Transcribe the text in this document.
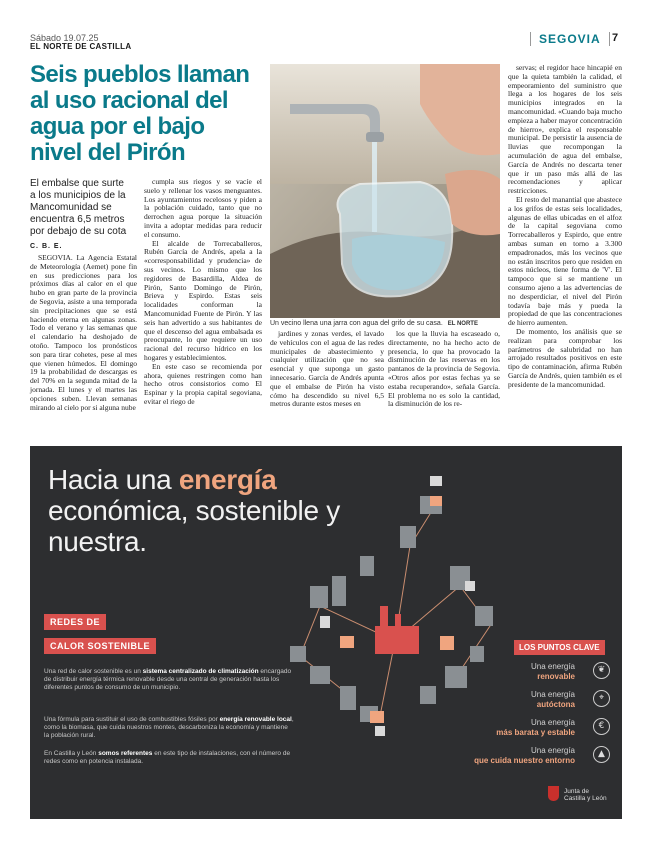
Sábado 19.07.25
EL NORTE DE CASTILLA
SEGOVIA	7
Seis pueblos llaman al uso racional del agua por el bajo nivel del Pirón
El embalse que surte a los municipios de la Mancomunidad se encuentra 6,5 metros por debajo de su cota
C. B. E.

SEGOVIA. La Agencia Estatal de Meteorología (Aemet) pone fin en sus predicciones para los próximos días al calor en el que hubo en gran parte de la provincia de Segovia, asiste a una temporada sin precipitaciones que se está haciendo eterna en algunas zonas. Todo el verano y las semanas que el calendario ha deshojado de otoño. Tampoco los pronósticos son para tirar cohetes, pese al mes que vienen húmedos. El domingo 19 la probabilidad de descargas es del 70% en la segunda mitad de la jornada. El lunes y el martes las opciones suben. Llevan semanas mirando al cielo por si alguna nube

cumpla sus riegos y se vacíe el suelo y rellenar los vasos menguantes. Los ayuntamientos recelosos y piden a la población cuidado, tanto que no derrochen agua porque la situación invita a adoptar medidas para reducir el consumo.

El alcalde de Torrecaballeros, Rubén García de Andrés, apela a la «corresponsabilidad y prudencia» de sus vecinos. Lo mismo que los regidores de Basardilla, Aldea de Pirón, Santo Domingo de Pirón, Brieva y Espirdo. Estas seis localidades conforman la Mancomunidad Fuente de Pirón. Y las seis han advertido a sus habitantes de que el descenso del agua embalsada es preocupante, lo que requiere un uso racional del recurso hídrico en los hogares y establecimientos.

En este caso se recomienda por ahora, quienes restringen como han hecho otros consistorios como El Espinar y la propia capital segoviana, evitar el riego de

Un vecino llena una jarra con agua del grifo de su casa. EL NORTE

jardines y zonas verdes, el lavado de vehículos con el agua de las redes municipales de abastecimiento y cualquier utilización que no sea esencial y que suponga un gasto innecesario. García de Andrés apunta que el embalse de Pirón ha visto cómo ha descendido su nivel 6,5 metros durante estos meses en

los que la lluvia ha escaseado o, directamente, no ha hecho acto de presencia, lo que ha provocado la disminución de las reservas en los pantanos de la provincia de Segovia. «Otros años por estas fechas ya se estaba recuperando», señala García. El problema no es solo la cantidad, la disminución de los re-

servas; el regidor hace hincapié en que la quieta también la calidad, el empeoramiento del suministro que llega a los hogares de los seis municipios integrados en la mancomunidad. «Cuando baja mucho empieza a haber mayor concentración de hierro», explica el responsable municipal. De persistir la ausencia de lluvias que recompongan la acumulación de agua del embalse, García de Andrés no descarta tener que ir un paso más allá de las recomendaciones y aplicar restricciones.

El resto del manantial que abastece a los grifos de estas seis localidades, algunas de ellas ubicadas en el alfoz de la capital segoviana como Torrecaballeros y Espirdo, que entre ambas suman en torno a 3.300 empadronados, más los vecinos que no están inscritos pero que residen en estos núcleos, tiene forma de 'V'. El tampoco que si se mantiene un consumo ajeno a las advertencias de no desperdiciar, el nivel del Pirón todavía baje más y pueda la propiedad de que las concentraciones de hierro aumenten.

De momento, los análisis que se realizan para comprobar los parámetros de salubridad no han arrojado resultados positivos en este tipo de contaminación, afirma Rubén García de Andrés, quien también es el presidente de la mancomunidad.

Hacia una energía económica, sostenible y nuestra.
REDES DE
CALOR SOSTENIBLE
Una red de calor sostenible es un sistema centralizado de climatización encargado de distribuir energía térmica renovable desde una central de generación hasta los diferentes puntos de consumo de un municipio.
Una fórmula para sustituir el uso de combustibles fósiles por energía renovable local, como la biomasa, que cuida nuestros montes, descarboniza la economía y mantiene la población rural.
En Castilla y León somos referentes en este tipo de instalaciones, con el número de redes como en potencia instalada.
LOS PUNTOS CLAVE
Una energía
renovable
❦
Una energía
autóctona
⌖
Una energía
más barata y estable
€
Una energía
que cuida nuestro entorno
▲
Junta de
Castilla y León
